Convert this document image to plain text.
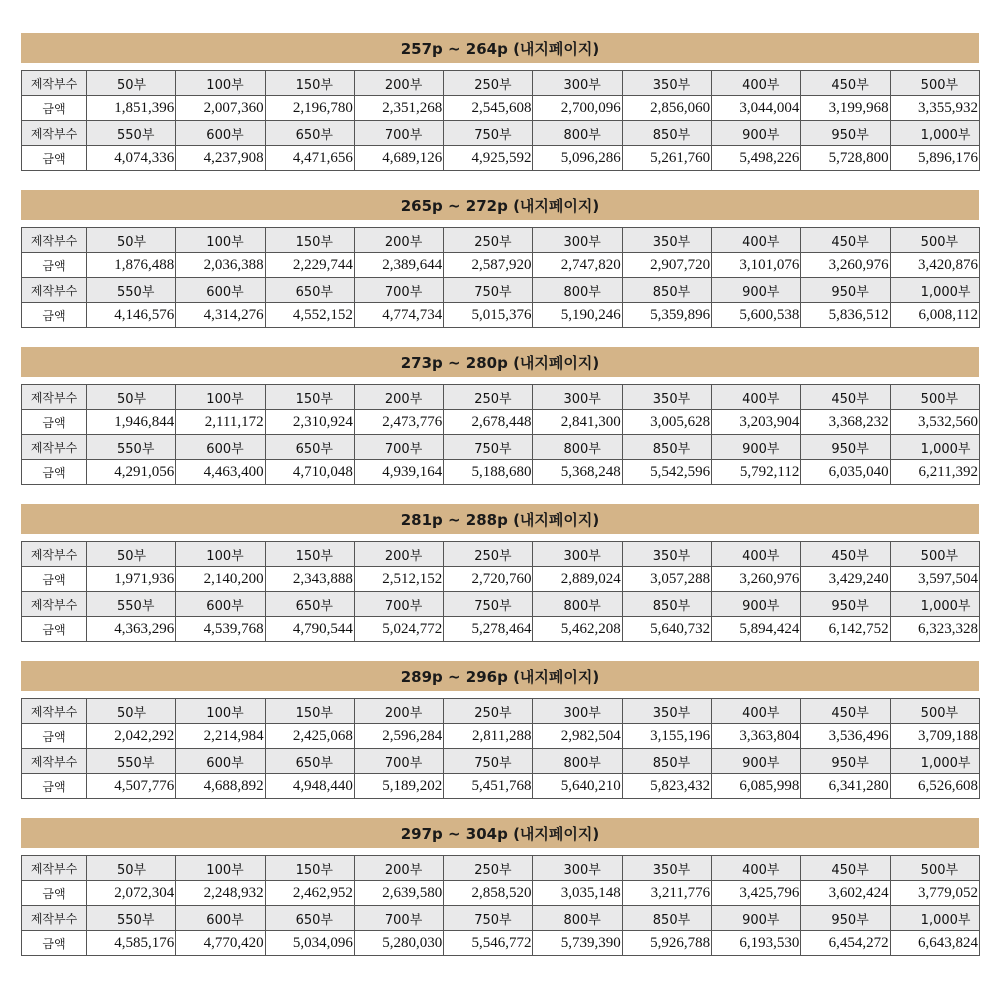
257p ~ 264p (내지페이지)
제작부수	50부	100부	150부	200부	250부	300부	350부	400부	450부	500부
금액	1,851,396	2,007,360	2,196,780	2,351,268	2,545,608	2,700,096	2,856,060	3,044,004	3,199,968	3,355,932
제작부수	550부	600부	650부	700부	750부	800부	850부	900부	950부	1,000부
금액	4,074,336	4,237,908	4,471,656	4,689,126	4,925,592	5,096,286	5,261,760	5,498,226	5,728,800	5,896,176
265p ~ 272p (내지페이지)
제작부수	50부	100부	150부	200부	250부	300부	350부	400부	450부	500부
금액	1,876,488	2,036,388	2,229,744	2,389,644	2,587,920	2,747,820	2,907,720	3,101,076	3,260,976	3,420,876
제작부수	550부	600부	650부	700부	750부	800부	850부	900부	950부	1,000부
금액	4,146,576	4,314,276	4,552,152	4,774,734	5,015,376	5,190,246	5,359,896	5,600,538	5,836,512	6,008,112
273p ~ 280p (내지페이지)
제작부수	50부	100부	150부	200부	250부	300부	350부	400부	450부	500부
금액	1,946,844	2,111,172	2,310,924	2,473,776	2,678,448	2,841,300	3,005,628	3,203,904	3,368,232	3,532,560
제작부수	550부	600부	650부	700부	750부	800부	850부	900부	950부	1,000부
금액	4,291,056	4,463,400	4,710,048	4,939,164	5,188,680	5,368,248	5,542,596	5,792,112	6,035,040	6,211,392
281p ~ 288p (내지페이지)
제작부수	50부	100부	150부	200부	250부	300부	350부	400부	450부	500부
금액	1,971,936	2,140,200	2,343,888	2,512,152	2,720,760	2,889,024	3,057,288	3,260,976	3,429,240	3,597,504
제작부수	550부	600부	650부	700부	750부	800부	850부	900부	950부	1,000부
금액	4,363,296	4,539,768	4,790,544	5,024,772	5,278,464	5,462,208	5,640,732	5,894,424	6,142,752	6,323,328
289p ~ 296p (내지페이지)
제작부수	50부	100부	150부	200부	250부	300부	350부	400부	450부	500부
금액	2,042,292	2,214,984	2,425,068	2,596,284	2,811,288	2,982,504	3,155,196	3,363,804	3,536,496	3,709,188
제작부수	550부	600부	650부	700부	750부	800부	850부	900부	950부	1,000부
금액	4,507,776	4,688,892	4,948,440	5,189,202	5,451,768	5,640,210	5,823,432	6,085,998	6,341,280	6,526,608
297p ~ 304p (내지페이지)
제작부수	50부	100부	150부	200부	250부	300부	350부	400부	450부	500부
금액	2,072,304	2,248,932	2,462,952	2,639,580	2,858,520	3,035,148	3,211,776	3,425,796	3,602,424	3,779,052
제작부수	550부	600부	650부	700부	750부	800부	850부	900부	950부	1,000부
금액	4,585,176	4,770,420	5,034,096	5,280,030	5,546,772	5,739,390	5,926,788	6,193,530	6,454,272	6,643,824
